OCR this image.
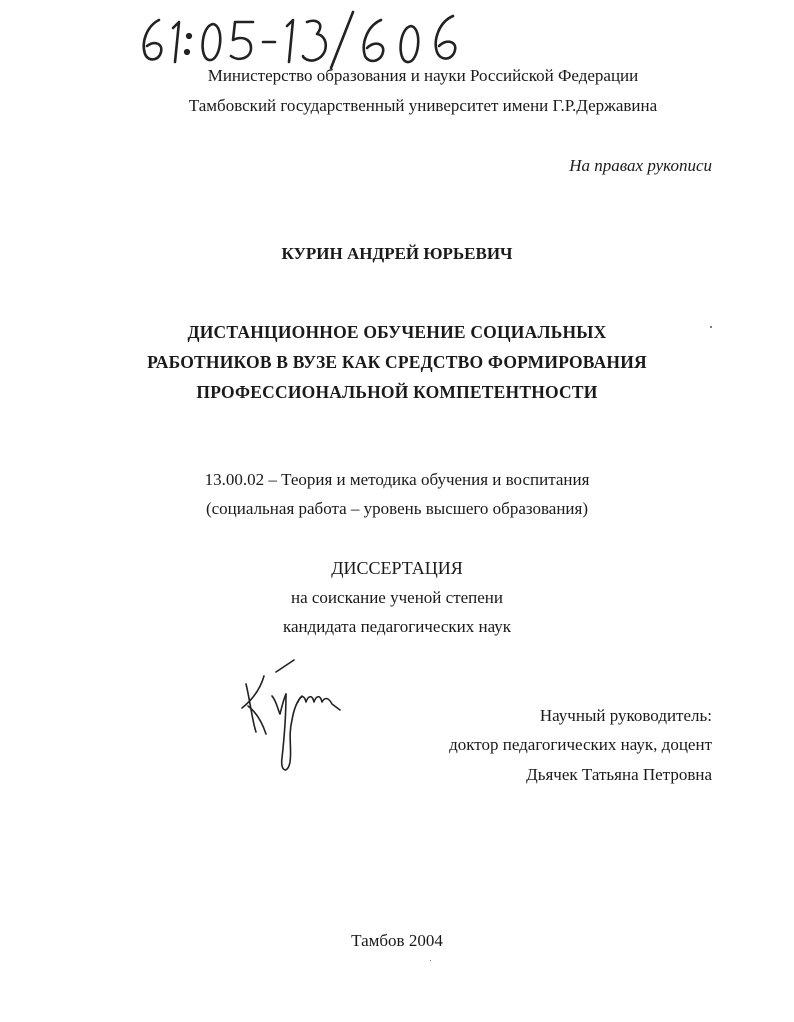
Министерство образования и науки Российской Федерации
Тамбовский государственный университет имени Г.Р.Державина
На правах рукописи
КУРИН АНДРЕЙ ЮРЬЕВИЧ
ДИСТАНЦИОННОЕ ОБУЧЕНИЕ СОЦИАЛЬНЫХ
РАБОТНИКОВ В ВУЗЕ КАК СРЕДСТВО ФОРМИРОВАНИЯ
ПРОФЕССИОНАЛЬНОЙ КОМПЕТЕНТНОСТИ
13.00.02 – Теория и методика обучения и воспитания
(социальная работа – уровень высшего образования)
ДИССЕРТАЦИЯ
на соискание ученой степени
кандидата педагогических наук
Научный руководитель:
доктор педагогических наук, доцент
Дьячек Татьяна Петровна
Тамбов 2004
